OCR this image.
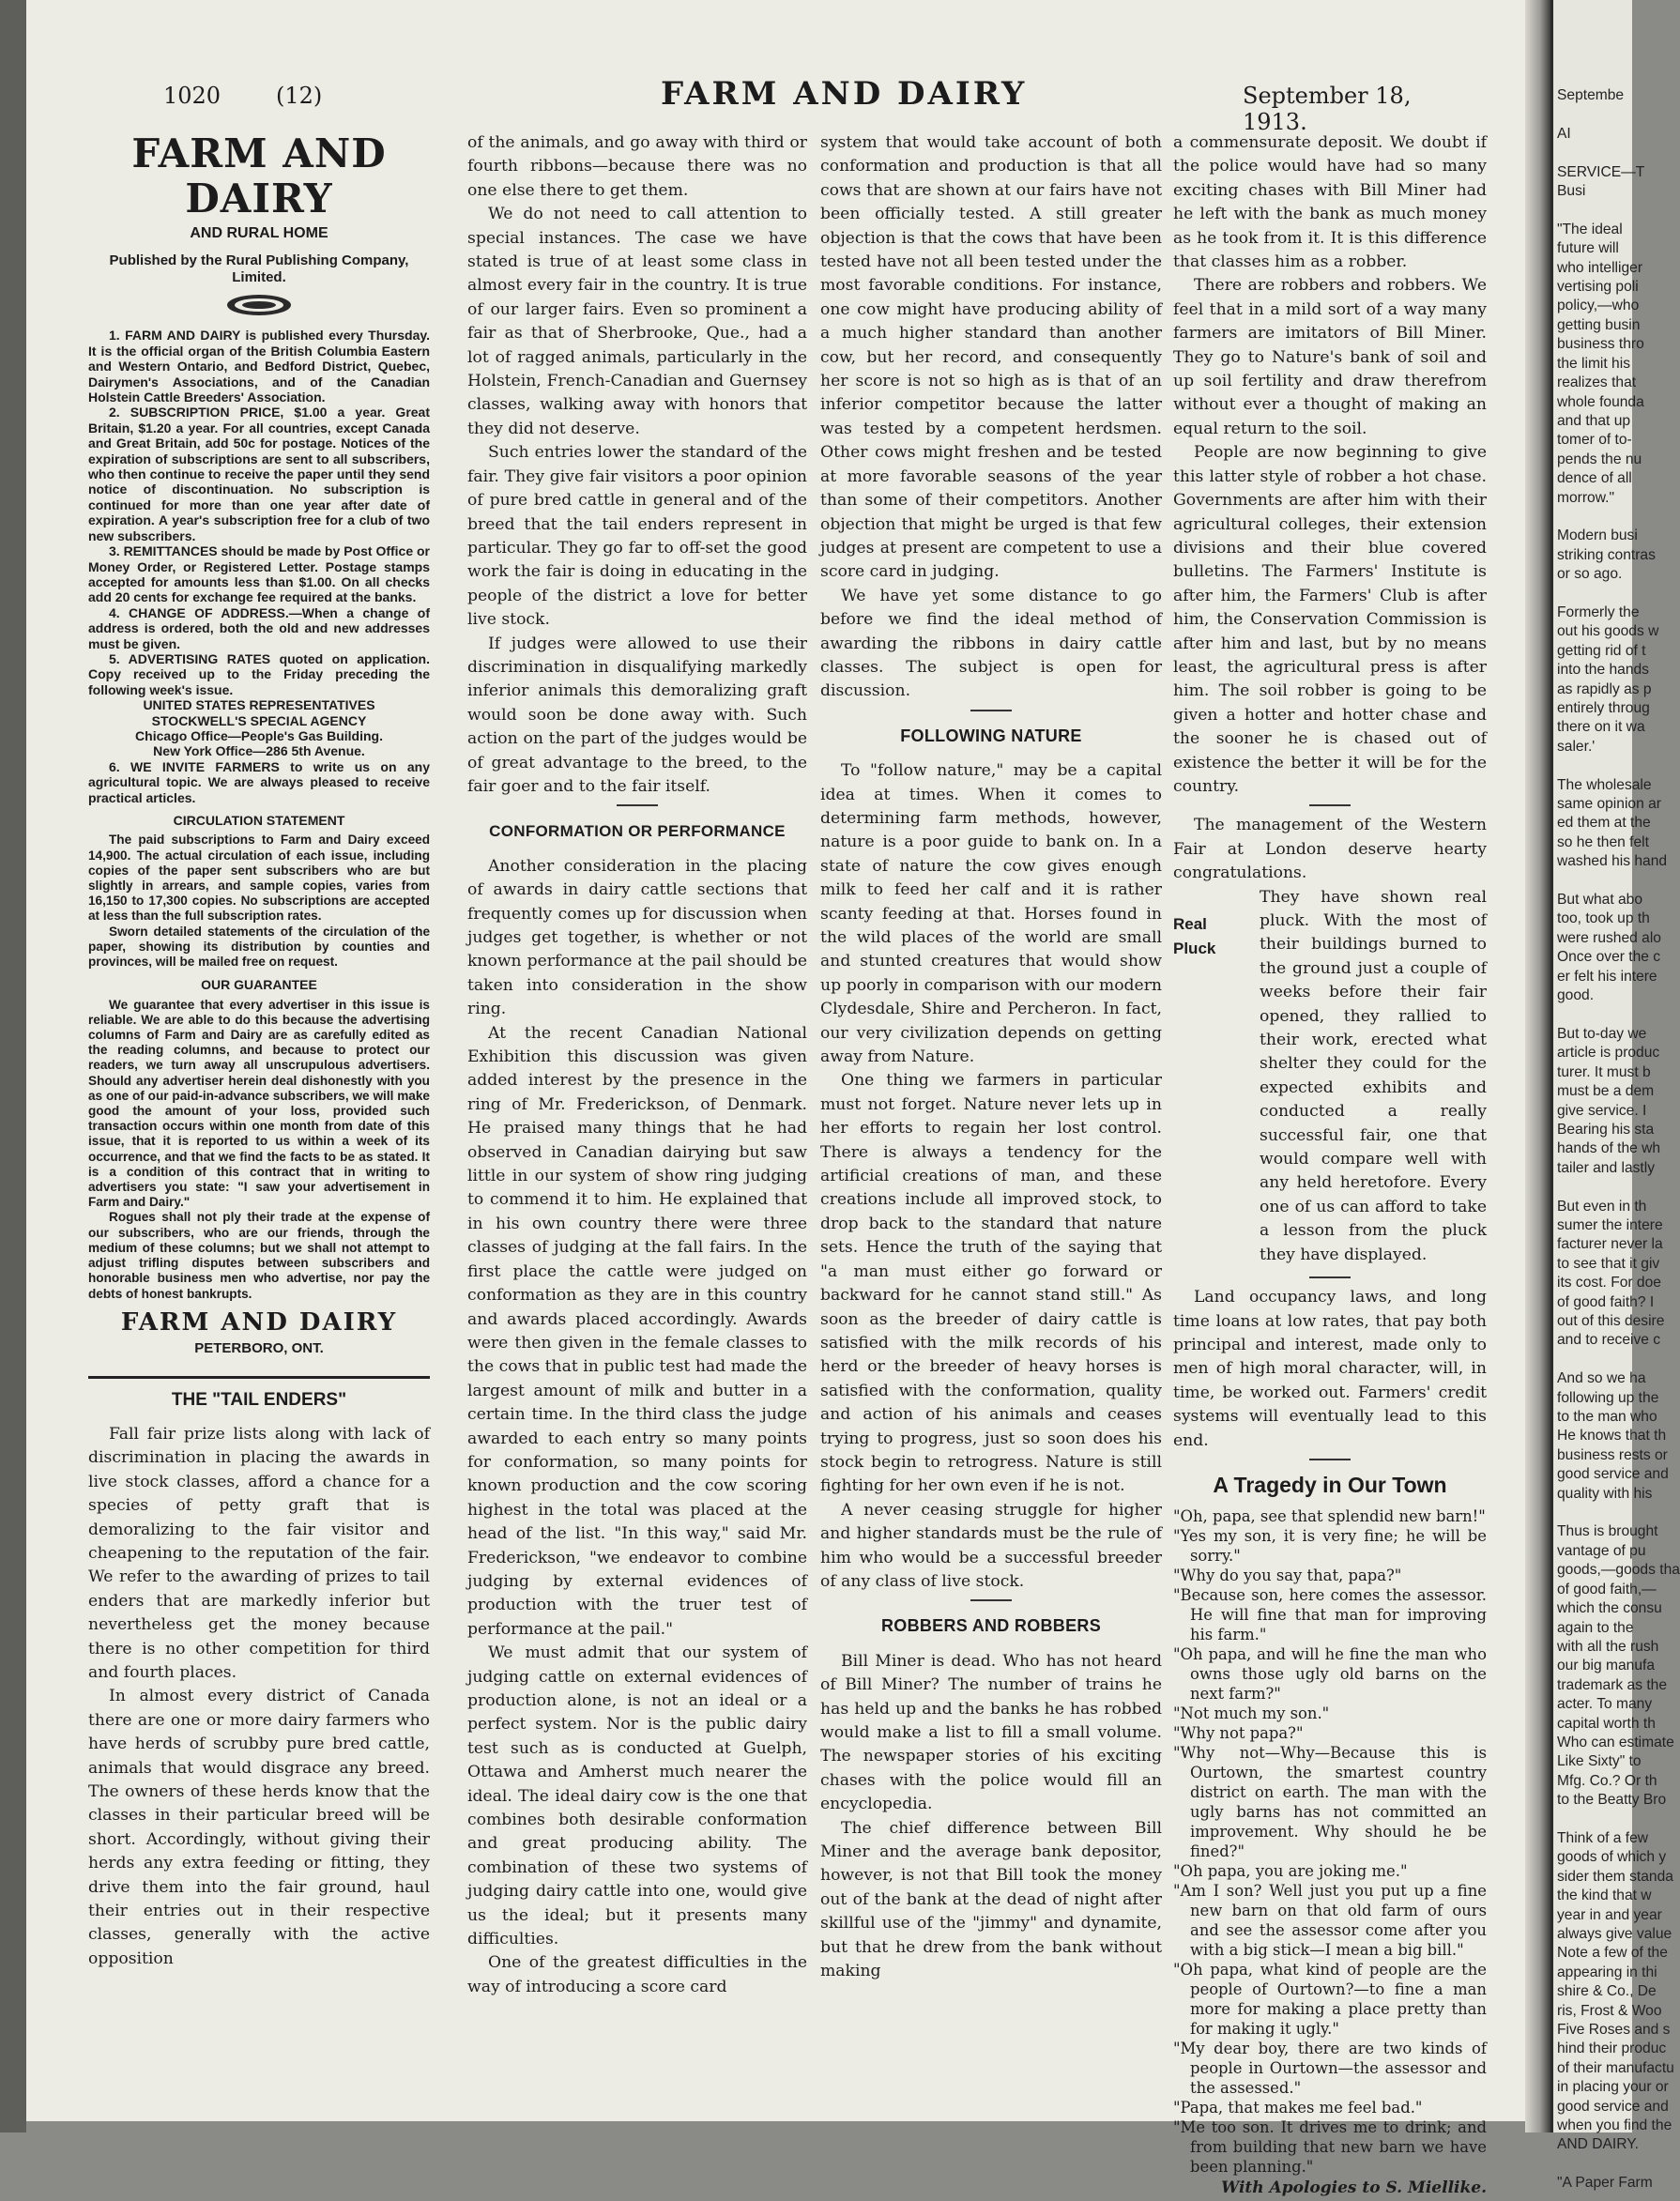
1020 (12)	FARM AND DAIRY	September 18, 1913.
FARM AND DAIRY
AND RURAL HOME
Published by the Rural Publishing Company, Limited.

1. FARM AND DAIRY is published every Thursday. It is the official organ of the British Columbia Eastern and Western Ontario, and Bedford District, Quebec, Dairymen's Associations, and of the Canadian Holstein Cattle Breeders' Association.

2. SUBSCRIPTION PRICE, $1.00 a year. Great Britain, $1.20 a year. For all countries, except Canada and Great Britain, add 50c for postage. Notices of the expiration of subscriptions are sent to all subscribers, who then continue to receive the paper until they send notice of discontinuation. No subscription is continued for more than one year after date of expiration. A year's subscription free for a club of two new subscribers.

3. REMITTANCES should be made by Post Office or Money Order, or Registered Letter. Postage stamps accepted for amounts less than $1.00. On all checks add 20 cents for exchange fee required at the banks.

4. CHANGE OF ADDRESS.—When a change of address is ordered, both the old and new addresses must be given.

5. ADVERTISING RATES quoted on application. Copy received up to the Friday preceding the following week's issue.

UNITED STATES REPRESENTATIVES
STOCKWELL'S SPECIAL AGENCY
Chicago Office—People's Gas Building.
New York Office—286 5th Avenue.

6. WE INVITE FARMERS to write us on any agricultural topic. We are always pleased to receive practical articles.

CIRCULATION STATEMENT

The paid subscriptions to Farm and Dairy exceed 14,900. The actual circulation of each issue, including copies of the paper sent subscribers who are but slightly in arrears, and sample copies, varies from 16,150 to 17,300 copies. No subscriptions are accepted at less than the full subscription rates.

Sworn detailed statements of the circulation of the paper, showing its distribution by counties and provinces, will be mailed free on request.

OUR GUARANTEE

We guarantee that every advertiser in this issue is reliable. We are able to do this because the advertising columns of Farm and Dairy are as carefully edited as the reading columns, and because to protect our readers, we turn away all unscrupulous advertisers. Should any advertiser herein deal dishonestly with you as one of our paid-in-advance subscribers, we will make good the amount of your loss, provided such transaction occurs within one month from date of this issue, that it is reported to us within a week of its occurrence, and that we find the facts to be as stated. It is a condition of this contract that in writing to advertisers you state: "I saw your advertisement in Farm and Dairy."

Rogues shall not ply their trade at the expense of our subscribers, who are our friends, through the medium of these columns; but we shall not attempt to adjust trifling disputes between subscribers and honorable business men who advertise, nor pay the debts of honest bankrupts.

FARM AND DAIRY
PETERBORO, ONT.
THE "TAIL ENDERS"

Fall fair prize lists along with lack of discrimination in placing the awards in live stock classes, afford a chance for a species of petty graft that is demoralizing to the fair visitor and cheapening to the reputation of the fair. We refer to the awarding of prizes to tail enders that are markedly inferior but nevertheless get the money because there is no other competition for third and fourth places.

In almost every district of Canada there are one or more dairy farmers who have herds of scrubby pure bred cattle, animals that would disgrace any breed. The owners of these herds know that the classes in their particular breed will be short. Accordingly, without giving their herds any extra feeding or fitting, they drive them into the fair ground, haul their entries out in their respective classes, generally with the active opposition

of the animals, and go away with third or fourth ribbons—because there was no one else there to get them.

We do not need to call attention to special instances. The case we have stated is true of at least some class in almost every fair in the country. It is true of our larger fairs. Even so prominent a fair as that of Sherbrooke, Que., had a lot of ragged animals, particularly in the Holstein, French-Canadian and Guernsey classes, walking away with honors that they did not deserve.

Such entries lower the standard of the fair. They give fair visitors a poor opinion of pure bred cattle in general and of the breed that the tail enders represent in particular. They go far to off-set the good work the fair is doing in educating in the people of the district a love for better live stock.

If judges were allowed to use their discrimination in disqualifying markedly inferior animals this demoralizing graft would soon be done away with. Such action on the part of the judges would be of great advantage to the breed, to the fair goer and to the fair itself.

CONFORMATION OR PERFORMANCE

Another consideration in the placing of awards in dairy cattle sections that frequently comes up for discussion when judges get together, is whether or not known performance at the pail should be taken into consideration in the show ring.

At the recent Canadian National Exhibition this discussion was given added interest by the presence in the ring of Mr. Frederickson, of Denmark. He praised many things that he had observed in Canadian dairying but saw little in our system of show ring judging to commend it to him. He explained that in his own country there were three classes of judging at the fall fairs. In the first place the cattle were judged on conformation as they are in this country and awards placed accordingly. Awards were then given in the female classes to the cows that in public test had made the largest amount of milk and butter in a certain time. In the third class the judge awarded to each entry so many points for conformation, so many points for known production and the cow scoring highest in the total was placed at the head of the list. "In this way," said Mr. Frederickson, "we endeavor to combine judging by external evidences of production with the truer test of performance at the pail."

We must admit that our system of judging cattle on external evidences of production alone, is not an ideal or a perfect system. Nor is the public dairy test such as is conducted at Guelph, Ottawa and Amherst much nearer the ideal. The ideal dairy cow is the one that combines both desirable conformation and great producing ability. The combination of these two systems of judging dairy cattle into one, would give us the ideal; but it presents many difficulties.

One of the greatest difficulties in the way of introducing a score card

system that would take account of both conformation and production is that all cows that are shown at our fairs have not been officially tested. A still greater objection is that the cows that have been tested have not all been tested under the most favorable conditions. For instance, one cow might have producing ability of a much higher standard than another cow, but her record, and consequently her score is not so high as is that of an inferior competitor because the latter was tested by a competent herdsmen. Other cows might freshen and be tested at more favorable seasons of the year than some of their competitors. Another objection that might be urged is that few judges at present are competent to use a score card in judging.

We have yet some distance to go before we find the ideal method of awarding the ribbons in dairy cattle classes. The subject is open for discussion.

FOLLOWING NATURE

To "follow nature," may be a capital idea at times. When it comes to determining farm methods, however, nature is a poor guide to bank on. In a state of nature the cow gives enough milk to feed her calf and it is rather scanty feeding at that. Horses found in the wild places of the world are small and stunted creatures that would show up poorly in comparison with our modern Clydesdale, Shire and Percheron. In fact, our very civilization depends on getting away from Nature.

One thing we farmers in particular must not forget. Nature never lets up in her efforts to regain her lost control. There is always a tendency for the artificial creations of man, and these creations include all improved stock, to drop back to the standard that nature sets. Hence the truth of the saying that "a man must either go forward or backward for he cannot stand still." As soon as the breeder of dairy cattle is satisfied with the milk records of his herd or the breeder of heavy horses is satisfied with the conformation, quality and action of his animals and ceases trying to progress, just so soon does his stock begin to retrogress. Nature is still fighting for her own even if he is not.

A never ceasing struggle for higher and higher standards must be the rule of him who would be a successful breeder of any class of live stock.

ROBBERS AND ROBBERS

Bill Miner is dead. Who has not heard of Bill Miner? The number of trains he has held up and the banks he has robbed would make a list to fill a small volume. The newspaper stories of his exciting chases with the police would fill an encyclopedia.

The chief difference between Bill Miner and the average bank depositor, however, is not that Bill took the money out of the bank at the dead of night after skillful use of the "jimmy" and dynamite, but that he drew from the bank without making

a commensurate deposit. We doubt if the police would have had so many exciting chases with Bill Miner had he left with the bank as much money as he took from it. It is this difference that classes him as a robber.

There are robbers and robbers. We feel that in a mild sort of a way many farmers are imitators of Bill Miner. They go to Nature's bank of soil and up soil fertility and draw therefrom without ever a thought of making an equal return to the soil.

People are now beginning to give this latter style of robber a hot chase. Governments are after him with their agricultural colleges, their extension divisions and their blue covered bulletins. The Farmers' Institute is after him, the Farmers' Club is after him, the Conservation Commission is after him and last, but by no means least, the agricultural press is after him. The soil robber is going to be given a hotter and hotter chase and the sooner he is chased out of existence the better it will be for the country.

The management of the Western Fair at London deserve hearty congratulations.

Real
Pluck

They have shown real pluck. With the most of their buildings burned to the ground just a couple of weeks before their fair opened, they rallied to their work, erected what shelter they could for the expected exhibits and conducted a really successful fair, one that would compare well with any held heretofore. Every one of us can afford to take a lesson from the pluck they have displayed.

Land occupancy laws, and long time loans at low rates, that pay both principal and interest, made only to men of high moral character, will, in time, be worked out. Farmers' credit systems will eventually lead to this end.

A Tragedy in Our Town

"Oh, papa, see that splendid new barn!"

"Yes my son, it is very fine; he will be sorry."

"Why do you say that, papa?"

"Because son, here comes the assessor. He will fine that man for improving his farm."

"Oh papa, and will he fine the man who owns those ugly old barns on the next farm?"

"Not much my son."

"Why not papa?"

"Why not—Why—Because this is Ourtown, the smartest country district on earth. The man with the ugly barns has not committed an improvement. Why should he be fined?"

"Oh papa, you are joking me."

"Am I son? Well just you put up a fine new barn on that old farm of ours and see the assessor come after you with a big stick—I mean a big bill."

"Oh papa, what kind of people are the people of Ourtown?—to fine a man more for making a place pretty than for making it ugly."

"My dear boy, there are two kinds of people in Ourtown—the assessor and the assessed."

"Papa, that makes me feel bad."

"Me too son. It drives me to drink; and from building that new barn we have been planning."

With Apologies to S. Miellike.
Septembe

AI

SERVICE—T
Busi

"The ideal
future will
who intelliger
vertising poli
policy,—who
getting busin
business thro
the limit his
realizes that
whole founda
and that up
tomer of to-
pends the nu
dence of all
morrow."

Modern busi
striking contras
or so ago.

Formerly the
out his goods w
getting rid of t
into the hands
as rapidly as p
entirely throug
there on it wa
saler.'

The wholesale
same opinion ar
ed them at the
so he then felt
washed his hand

But what abo
too, took up th
were rushed alo
Once over the c
er felt his intere
good.

But to-day we
article is produc
turer. It must b
must be a dem
give service. I
Bearing his sta
hands of the wh
tailer and lastly

But even in th
sumer the intere
facturer never la
to see that it giv
its cost. For doe
of good faith? I
out of this desire
and to receive c

And so we ha
following up the
to the man who
He knows that th
business rests or
good service and
quality with his

Thus is brought
vantage of pu
goods,—goods tha
of good faith,—
which the consu
again to the
with all the rush
our big manufa
trademark as the
acter. To many
capital worth th
Who can estimate
Like Sixty" to
Mfg. Co.? Or th
to the Beatty Bro

Think of a few
goods of which y
sider them standa
the kind that w
year in and year
always give value
Note a few of the
appearing in thi
shire & Co., De
ris, Frost & Woo
Five Roses and s
hind their produc
of their manufactu
in placing your or
good service and
when you find the
AND DAIRY.

"A Paper Farm
